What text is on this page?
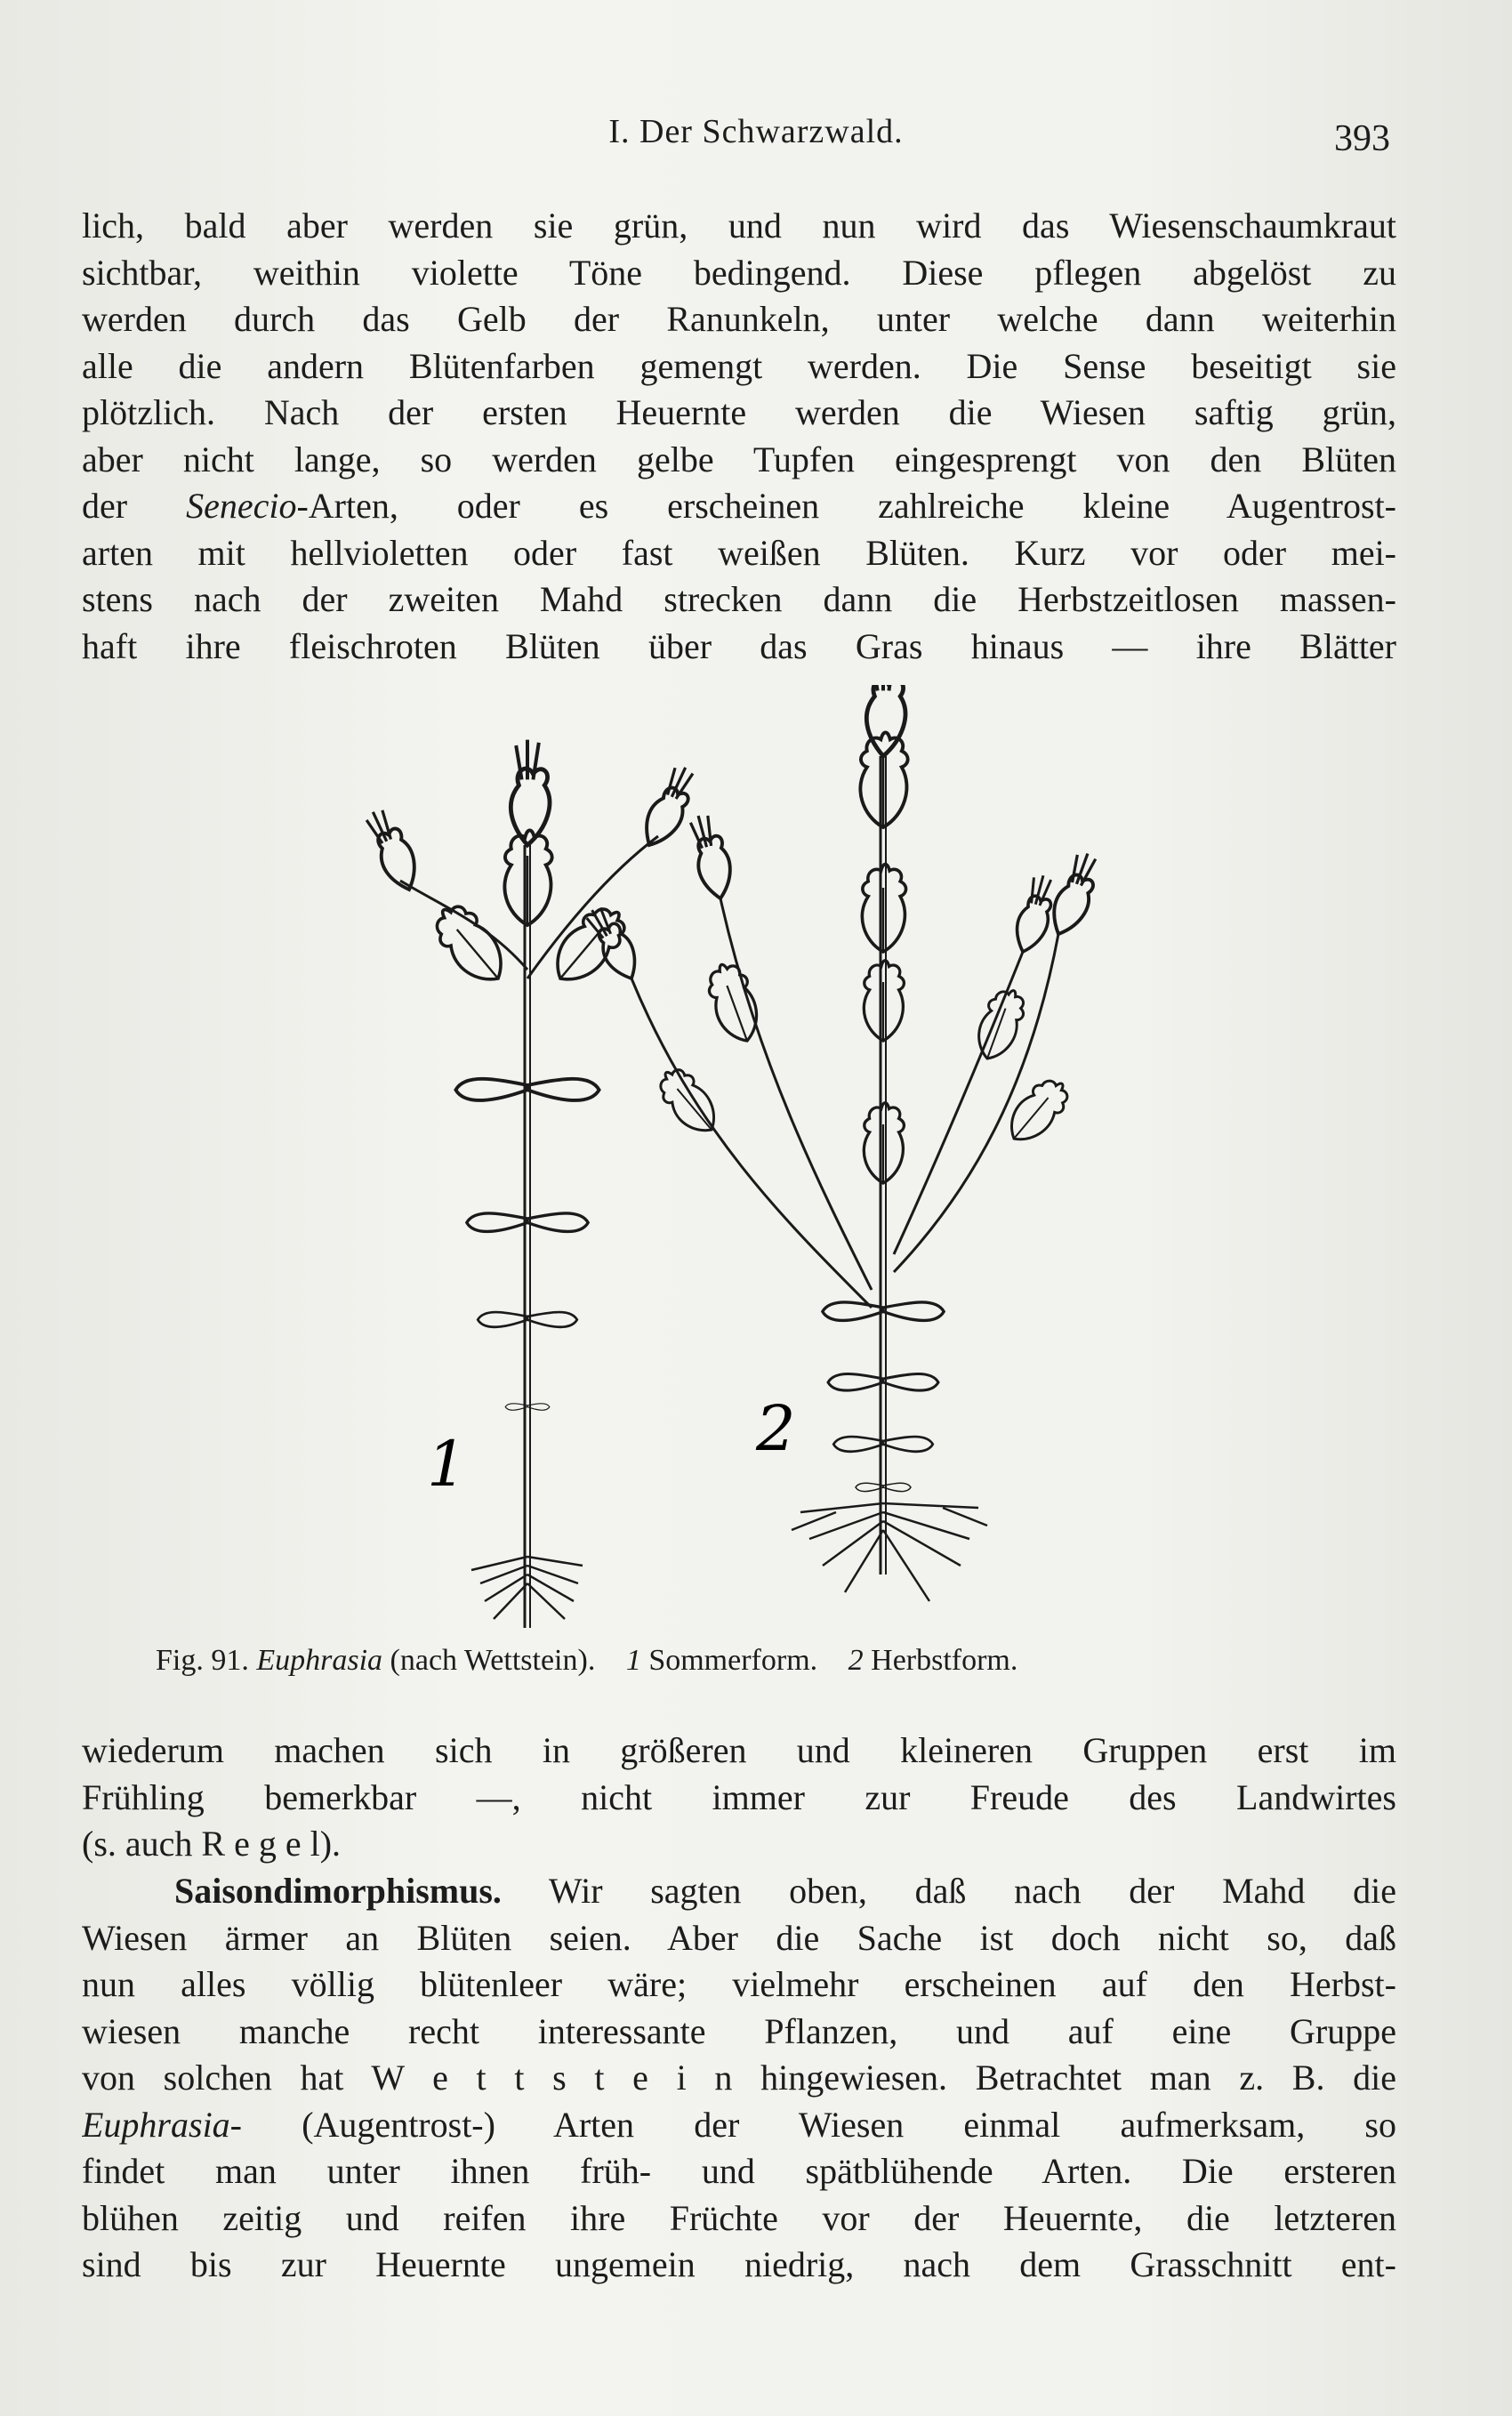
I. Der Schwarzwald.	393
lich, bald aber werden sie grün, und nun wird das Wiesenschaumkraut
sichtbar, weithin violette Töne bedingend. Diese pflegen abgelöst zu
werden durch das Gelb der Ranunkeln, unter welche dann weiterhin
alle die andern Blütenfarben gemengt werden. Die Sense beseitigt sie
plötzlich. Nach der ersten Heuernte werden die Wiesen saftig grün,
aber nicht lange, so werden gelbe Tupfen eingesprengt von den Blüten
der Senecio-Arten, oder es erscheinen zahlreiche kleine Augentrost-
arten mit hellvioletten oder fast weißen Blüten. Kurz vor oder mei-
stens nach der zweiten Mahd strecken dann die Herbstzeitlosen massen-
haft ihre fleischroten Blüten über das Gras hinaus — ihre Blätter
1	2
Fig. 91. Euphrasia (nach Wettstein). 1 Sommerform. 2 Herbstform.
wiederum machen sich in größeren und kleineren Gruppen erst im
Frühling bemerkbar —, nicht immer zur Freude des Landwirtes
(s. auch R e g e l).
Saisondimorphismus. Wir sagten oben, daß nach der Mahd die
Wiesen ärmer an Blüten seien. Aber die Sache ist doch nicht so, daß
nun alles völlig blütenleer wäre; vielmehr erscheinen auf den Herbst-
wiesen manche recht interessante Pflanzen, und auf eine Gruppe
von solchen hat W e t t s t e i n hingewiesen. Betrachtet man z. B. die
Euphrasia- (Augentrost-) Arten der Wiesen einmal aufmerksam, so
findet man unter ihnen früh- und spätblühende Arten. Die ersteren
blühen zeitig und reifen ihre Früchte vor der Heuernte, die letzteren
sind bis zur Heuernte ungemein niedrig, nach dem Grasschnitt ent-
